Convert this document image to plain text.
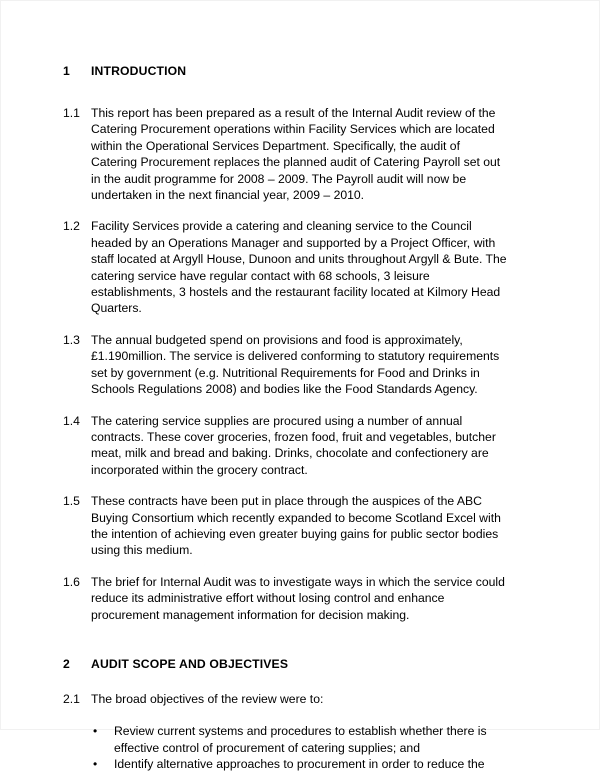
1	INTRODUCTION
1.1 This report has been prepared as a result of the Internal Audit review of the Catering Procurement operations within Facility Services which are located within the Operational Services Department. Specifically, the audit of Catering Procurement replaces the planned audit of Catering Payroll set out in the audit programme for 2008 – 2009. The Payroll audit will now be undertaken in the next financial year, 2009 – 2010.
1.2 Facility Services provide a catering and cleaning service to the Council headed by an Operations Manager and supported by a Project Officer, with staff located at Argyll House, Dunoon and units throughout Argyll & Bute. The catering service have regular contact with 68 schools, 3 leisure establishments, 3 hostels and the restaurant facility located at Kilmory Head Quarters.
1.3 The annual budgeted spend on provisions and food is approximately, £1.190million. The service is delivered conforming to statutory requirements set by government (e.g. Nutritional Requirements for Food and Drinks in Schools Regulations 2008) and bodies like the Food Standards Agency.
1.4 The catering service supplies are procured using a number of annual contracts. These cover groceries, frozen food, fruit and vegetables, butcher meat, milk and bread and baking. Drinks, chocolate and confectionery are incorporated within the grocery contract.
1.5 These contracts have been put in place through the auspices of the ABC Buying Consortium which recently expanded to become Scotland Excel with the intention of achieving even greater buying gains for public sector bodies using this medium.
1.6 The brief for Internal Audit was to investigate ways in which the service could reduce its administrative effort without losing control and enhance procurement management information for decision making.
2	AUDIT SCOPE AND OBJECTIVES
2.1 The broad objectives of the review were to:
•	Review current systems and procedures to establish whether there is effective control of procurement of catering supplies; and
•	Identify alternative approaches to procurement in order to reduce the
